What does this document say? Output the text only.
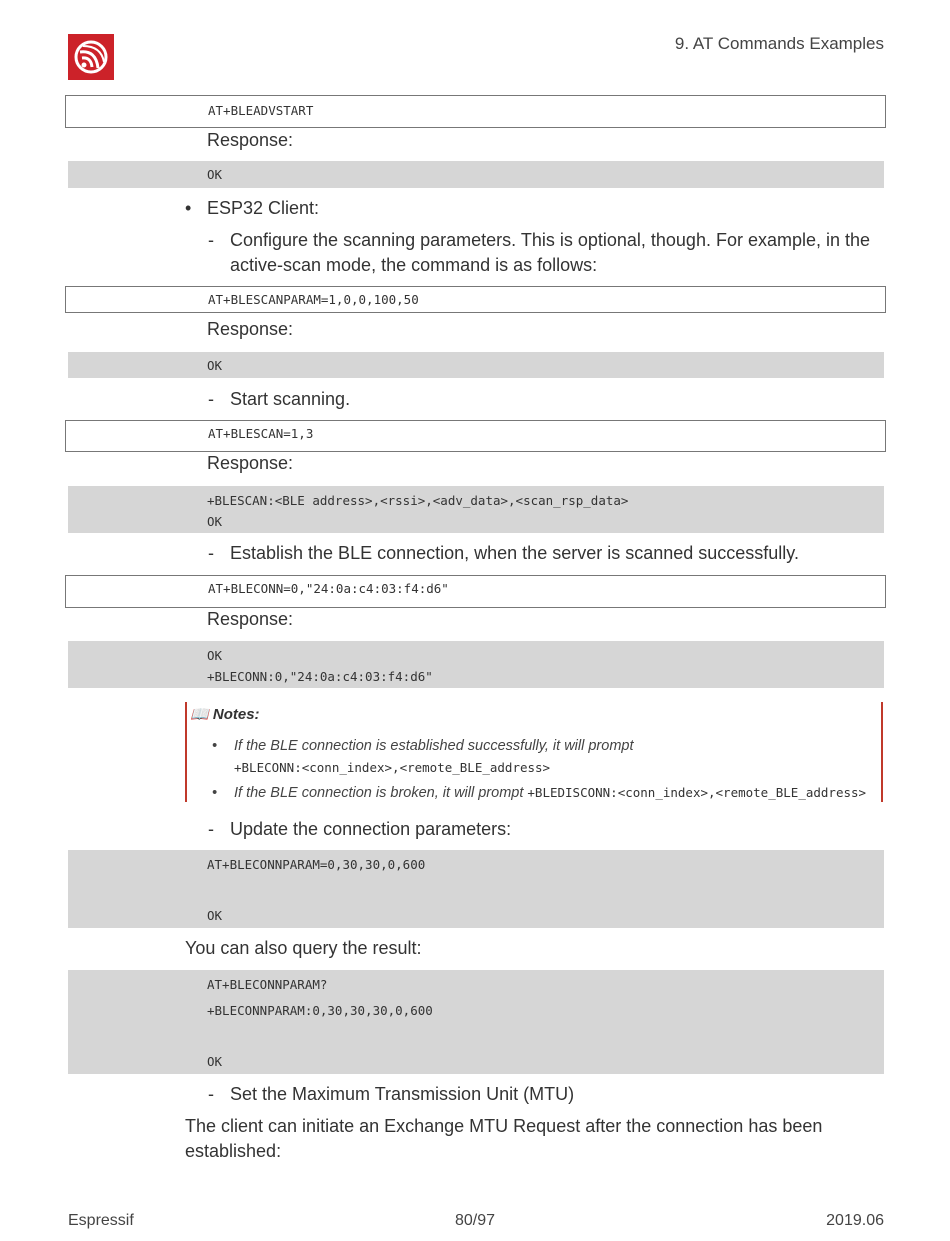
9. AT Commands Examples
AT+BLEADVSTART
Response:
OK
• ESP32 Client:
- Configure the scanning parameters. This is optional, though. For example, in the
active-scan mode, the command is as follows:
AT+BLESCANPARAM=1,0,0,100,50
Response:
OK
- Start scanning.
AT+BLESCAN=1,3
Response:
+BLESCAN:<BLE address>,<rssi>,<adv_data>,<scan_rsp_data>
OK
- Establish the BLE connection, when the server is scanned successfully.
AT+BLECONN=0,"24:0a:c4:03:f4:d6"
Response:
OK
+BLECONN:0,"24:0a:c4:03:f4:d6"
📖 Notes:
• If the BLE connection is established successfully, it will prompt
+BLECONN:<conn_index>,<remote_BLE_address>
• If the BLE connection is broken, it will prompt +BLEDISCONN:<conn_index>,<remote_BLE_address>
- Update the connection parameters:
AT+BLECONNPARAM=0,30,30,0,600
OK
You can also query the result:
AT+BLECONNPARAM?
+BLECONNPARAM:0,30,30,30,0,600
OK
- Set the Maximum Transmission Unit (MTU)
The client can initiate an Exchange MTU Request after the connection has been
established:
Espressif	80/97	2019.06
